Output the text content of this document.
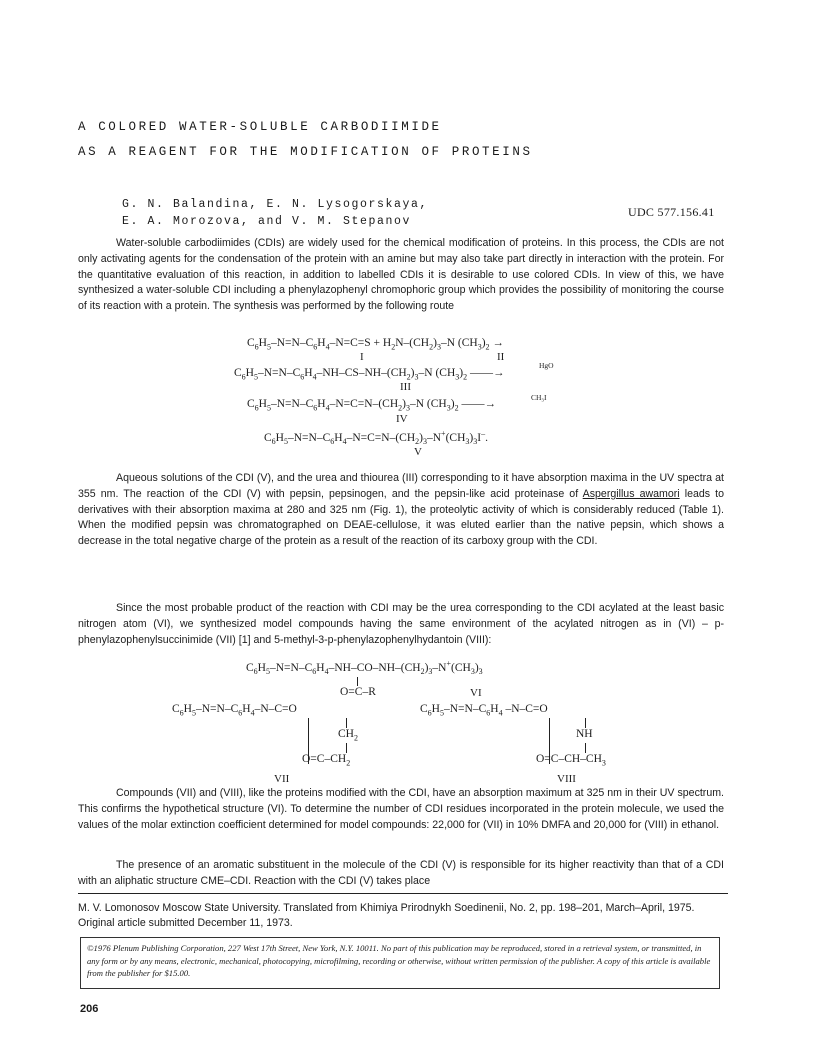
A COLORED WATER-SOLUBLE CARBODIIMIDE
AS A REAGENT FOR THE MODIFICATION OF PROTEINS
G. N. Balandina, E. N. Lysogorskaya,
E. A. Morozova, and V. M. Stepanov
UDC 577.156.41

Water-soluble carbodiimides (CDIs) are widely used for the chemical modification of proteins. In this process, the CDIs are not only activating agents for the condensation of the protein with an amine but may also take part directly in interaction with the protein. For the quantitative evaluation of this reaction, in addition to labelled CDIs it is desirable to use colored CDIs. In view of this, we have synthesized a water-soluble CDI including a phenylazophenyl chromophoric group which provides the possibility of monitoring the course of its reaction with a protein. The synthesis was performed by the following route

$C_6H_5-N=N-C_6H_4-N=C=S + H_2N-(CH_2)_3-N$ $(CH_3)_2$ →
I	II
$C_6H_5-N=N-C_6H_4-NH-CS-NH-(CH_2)_3-N$ $(CH_3)_2$ ——→
HgO
III
$C_6H_5-N=N-C_6H_4-N=C=N-(CH_2)_3-N$ $(CH_3)_2$ ——→
CH₃I
IV
$C_6H_5-N=N-C_6H_4-N=C=N-(CH_2)_3-N^+(CH_3)_3I^-$.
V

Aqueous solutions of the CDI (V), and the urea and thiourea (III) corresponding to it have absorption maxima in the UV spectra at 355 nm. The reaction of the CDI (V) with pepsin, pepsinogen, and the pepsin-like acid proteinase of Aspergillus awamori leads to derivatives with their absorption maxima at 280 and 325 nm (Fig. 1), the proteolytic activity of which is considerably reduced (Table 1). When the modified pepsin was chromatographed on DEAE-cellulose, it was eluted earlier than the native pepsin, which shows a decrease in the total negative charge of the protein as a result of the reaction of its carboxy group with the CDI.

Since the most probable product of the reaction with CDI may be the urea corresponding to the CDI acylated at the least basic nitrogen atom (VI), we synthesized model compounds having the same environment of the acylated nitrogen as in (VI) – p-phenylazophenylsuccinimide (VII) [1] and 5-methyl-3-p-phenylazophenylhydantoin (VIII):

$C_6H_5-N=N-C_6H_4-NH-CO-NH-(CH_2)_3-N^+(CH_3)_3$
O=C–R	VI
$C_6H_5-N=N-C_6H_4-N-C=O$
$CH_2$
$O=C-CH_2$
VII
$C_6H_5-N=N-C_6H_4$ –N–C=O
NH
$O=C-CH-CH_3$
VIII

Compounds (VII) and (VIII), like the proteins modified with the CDI, have an absorption maximum at 325 nm in their UV spectrum. This confirms the hypothetical structure (VI). To determine the number of CDI residues incorporated in the protein molecule, we used the values of the molar extinction coefficient determined for model compounds: 22,000 for (VII) in 10% DMFA and 20,000 for (VIII) in ethanol.

The presence of an aromatic substituent in the molecule of the CDI (V) is responsible for its higher reactivity than that of a CDI with an aliphatic structure CME–CDI. Reaction with the CDI (V) takes place

M. V. Lomonosov Moscow State University. Translated from Khimiya Prirodnykh Soedinenii, No. 2, pp. 198–201, March–April, 1975. Original article submitted December 11, 1973.

©1976 Plenum Publishing Corporation, 227 West 17th Street, New York, N.Y. 10011. No part of this publication may be reproduced, stored in a retrieval system, or transmitted, in any form or by any means, electronic, mechanical, photocopying, microfilming, recording or otherwise, without written permission of the publisher. A copy of this article is available from the publisher for $15.00.
206
